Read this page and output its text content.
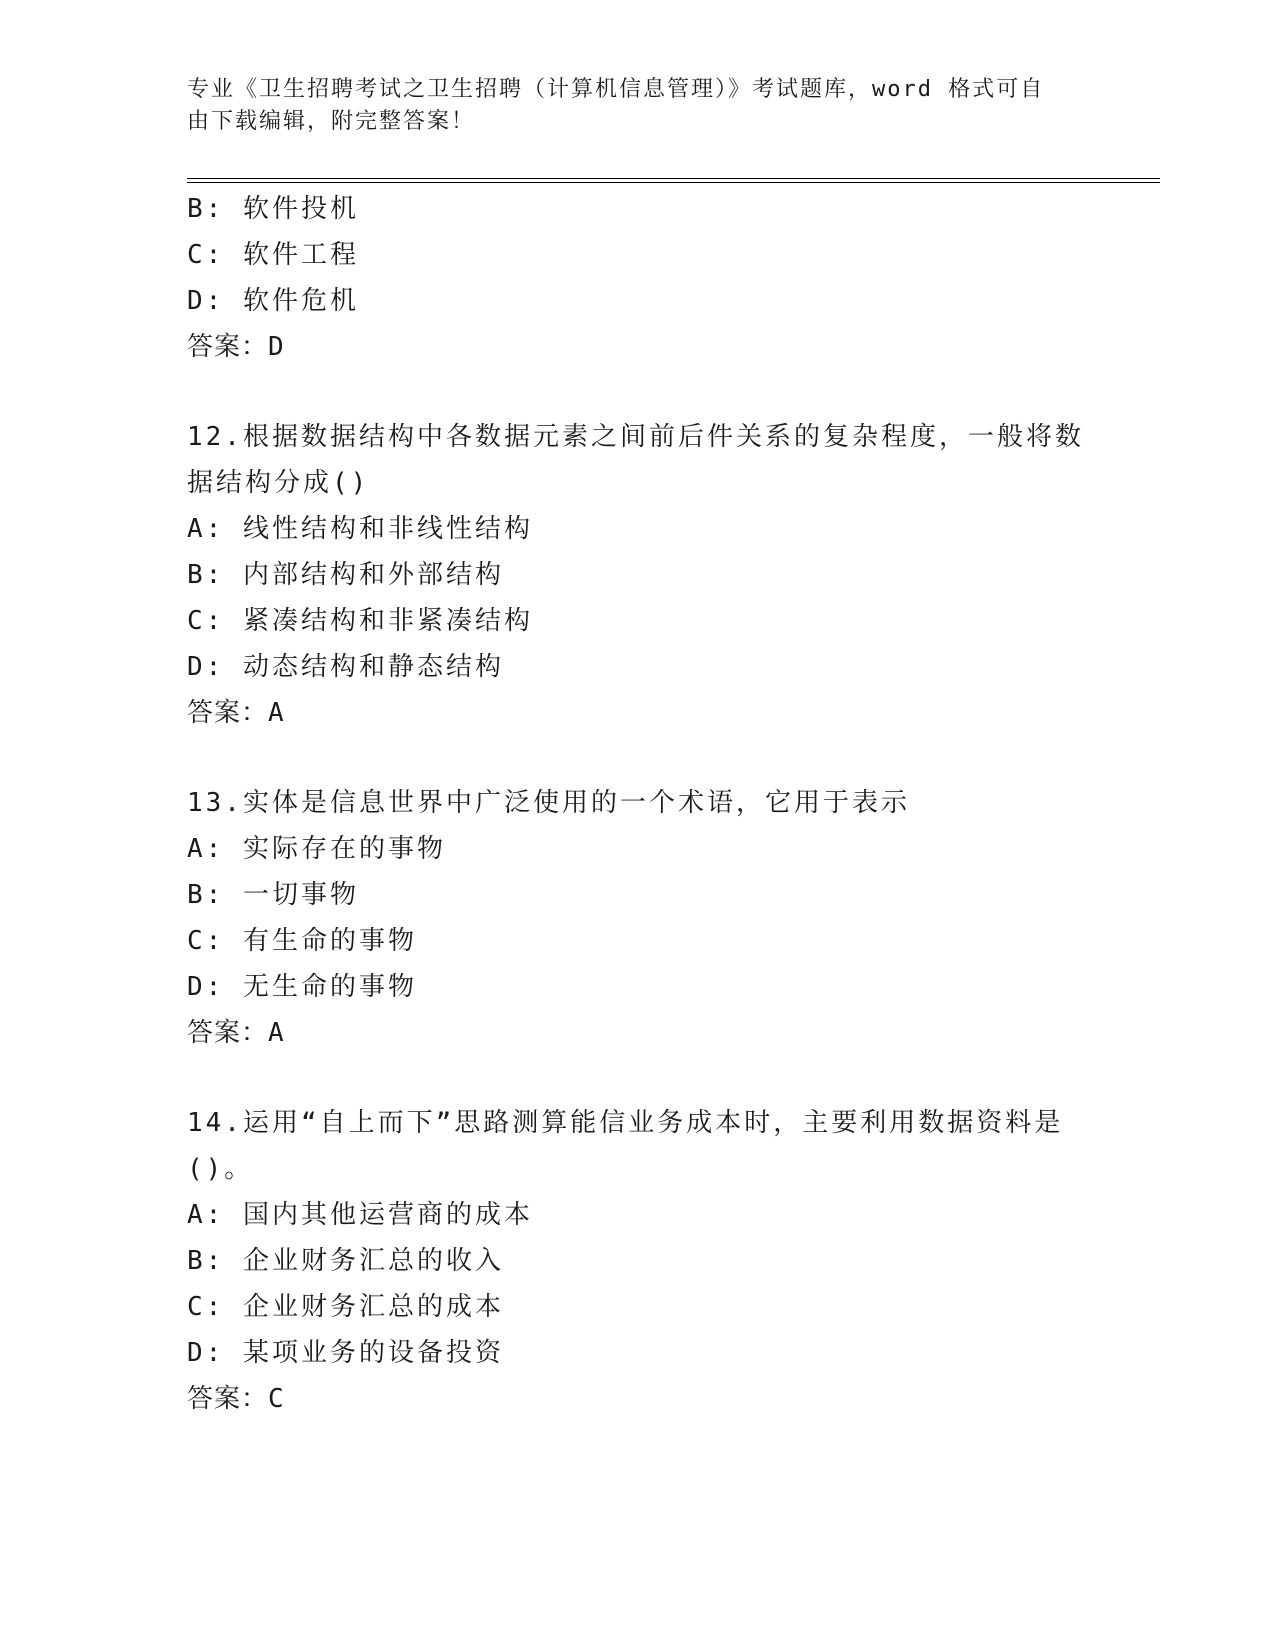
专业《卫生招聘考试之卫生招聘（计算机信息管理）》考试题库，word 格式可自
由下载编辑，附完整答案！

B: 软件投机

C: 软件工程

D: 软件危机

答案：D

12.根据数据结构中各数据元素之间前后件关系的复杂程度，一般将数
据结构分成()

A: 线性结构和非线性结构

B: 内部结构和外部结构

C: 紧凑结构和非紧凑结构

D: 动态结构和静态结构

答案：A

13.实体是信息世界中广泛使用的一个术语，它用于表示

A: 实际存在的事物

B: 一切事物

C: 有生命的事物

D: 无生命的事物

答案：A

14.运用“自上而下”思路测算能信业务成本时，主要利用数据资料是
()。

A: 国内其他运营商的成本

B: 企业财务汇总的收入

C: 企业财务汇总的成本

D: 某项业务的设备投资

答案：C
